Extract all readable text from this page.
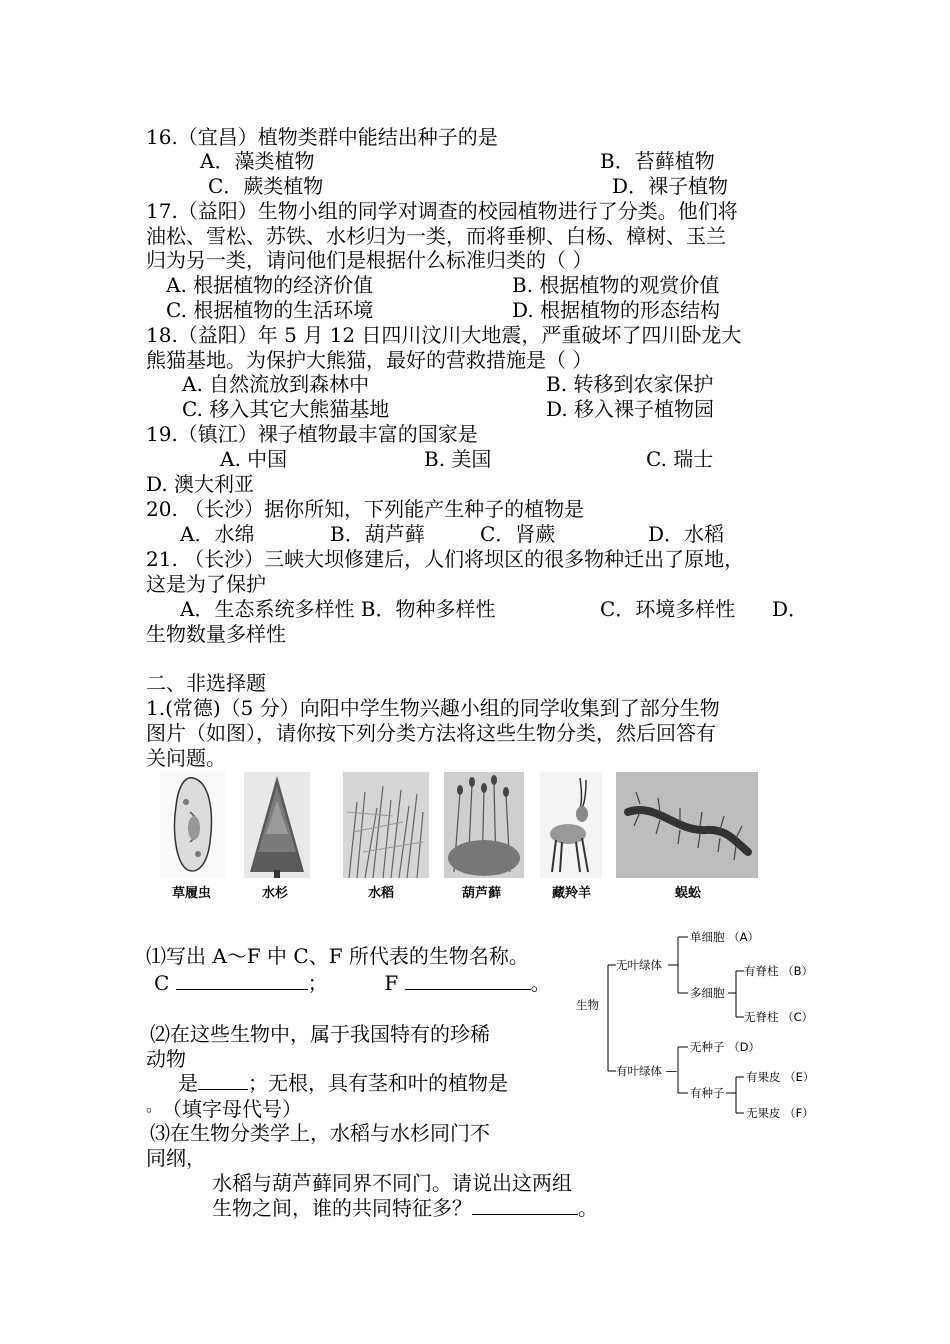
16.（宜昌）植物类群中能结出种子的是
A．藻类植物	B．苔藓植物
C．蕨类植物	D．裸子植物
17.（益阳）生物小组的同学对调查的校园植物进行了分类。他们将
油松、雪松、苏铁、水杉归为一类，而将垂柳、白杨、樟树、玉兰
归为另一类，请问他们是根据什么标准归类的（ ）
A. 根据植物的经济价值	B. 根据植物的观赏价值
C. 根据植物的生活环境	D. 根据植物的形态结构
18.（益阳）年 5 月 12 日四川汶川大地震，严重破坏了四川卧龙大
熊猫基地。为保护大熊猫，最好的营救措施是（ ）
A. 自然流放到森林中	B. 转移到农家保护
C. 移入其它大熊猫基地	D. 移入裸子植物园
19.（镇江）裸子植物最丰富的国家是
A. 中国	B. 美国	C. 瑞士
D. 澳大利亚
20. （长沙）据你所知，下列能产生种子的植物是
A．水绵	B．葫芦藓	C．肾蕨	D．水稻
21. （长沙）三峡大坝修建后，人们将坝区的很多物种迁出了原地，
这是为了保护
A．生态系统多样性 B．物种多样性	C．环境多样性 D．
生物数量多样性
二、非选择题
1.(常德)（5 分）向阳中学生物兴趣小组的同学收集到了部分生物
图片（如图），请你按下列分类方法将这些生物分类，然后回答有
关问题。
草履虫	水杉	水稻	葫芦藓	藏羚羊	蜈蚣
⑴写出 A～F 中 C、F 所代表的生物名称。
C	；	F	。
⑵在这些生物中，属于我国特有的珍稀
动物
是	；无根，具有茎和叶的植物是
。 （填字母代号）
⑶在生物分类学上，水稻与水杉同门不
同纲，
水稻与葫芦藓同界不同门。请说出这两组
生物之间，谁的共同特征多？	。
生物
无叶绿体
单细胞 （A）
多细胞
有脊柱 （B）
无脊柱 （C）
有叶绿体 —
无种子 （D）
有种子
有果皮 （E）
无果皮 （F）
